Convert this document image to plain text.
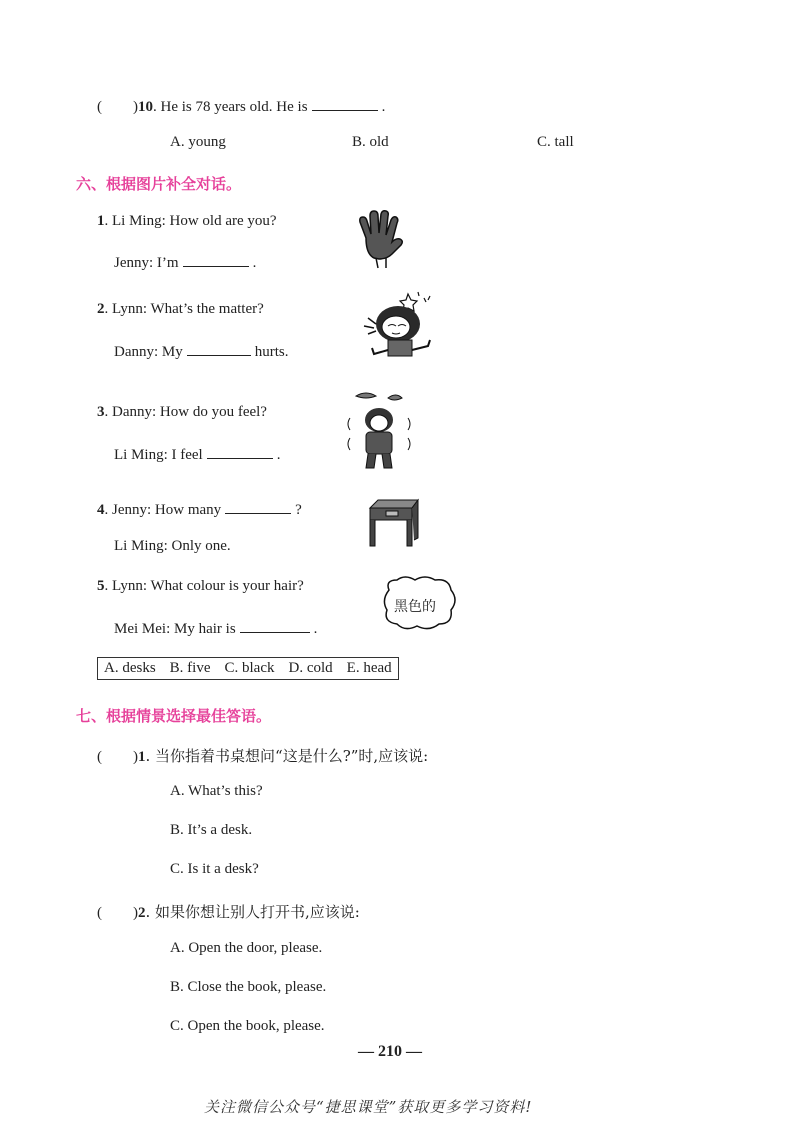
( )10. He is 78 years old. He is	.
A. young	B. old	C. tall
六、根据图片补全对话。
1. Li Ming: How old are you?
Jenny: I’m	.
2. Lynn: What’s the matter?
Danny: My	hurts.
3. Danny: How do you feel?
Li Ming: I feel	.
4. Jenny: How many	?
Li Ming: Only one.
5. Lynn: What colour is your hair?
Mei Mei: My hair is	.
黑色的
A. desks B. five C. black D. cold E. head
七、根据情景选择最佳答语。
( )1. 当你指着书桌想问“这是什么?”时,应该说:
A. What’s this?
B. It’s a desk.
C. Is it a desk?
( )2. 如果你想让别人打开书,应该说:
A. Open the door, please.
B. Close the book, please.
C. Open the book, please.
— 210 —
关注微信公众号“捷思课堂”获取更多学习资料!
